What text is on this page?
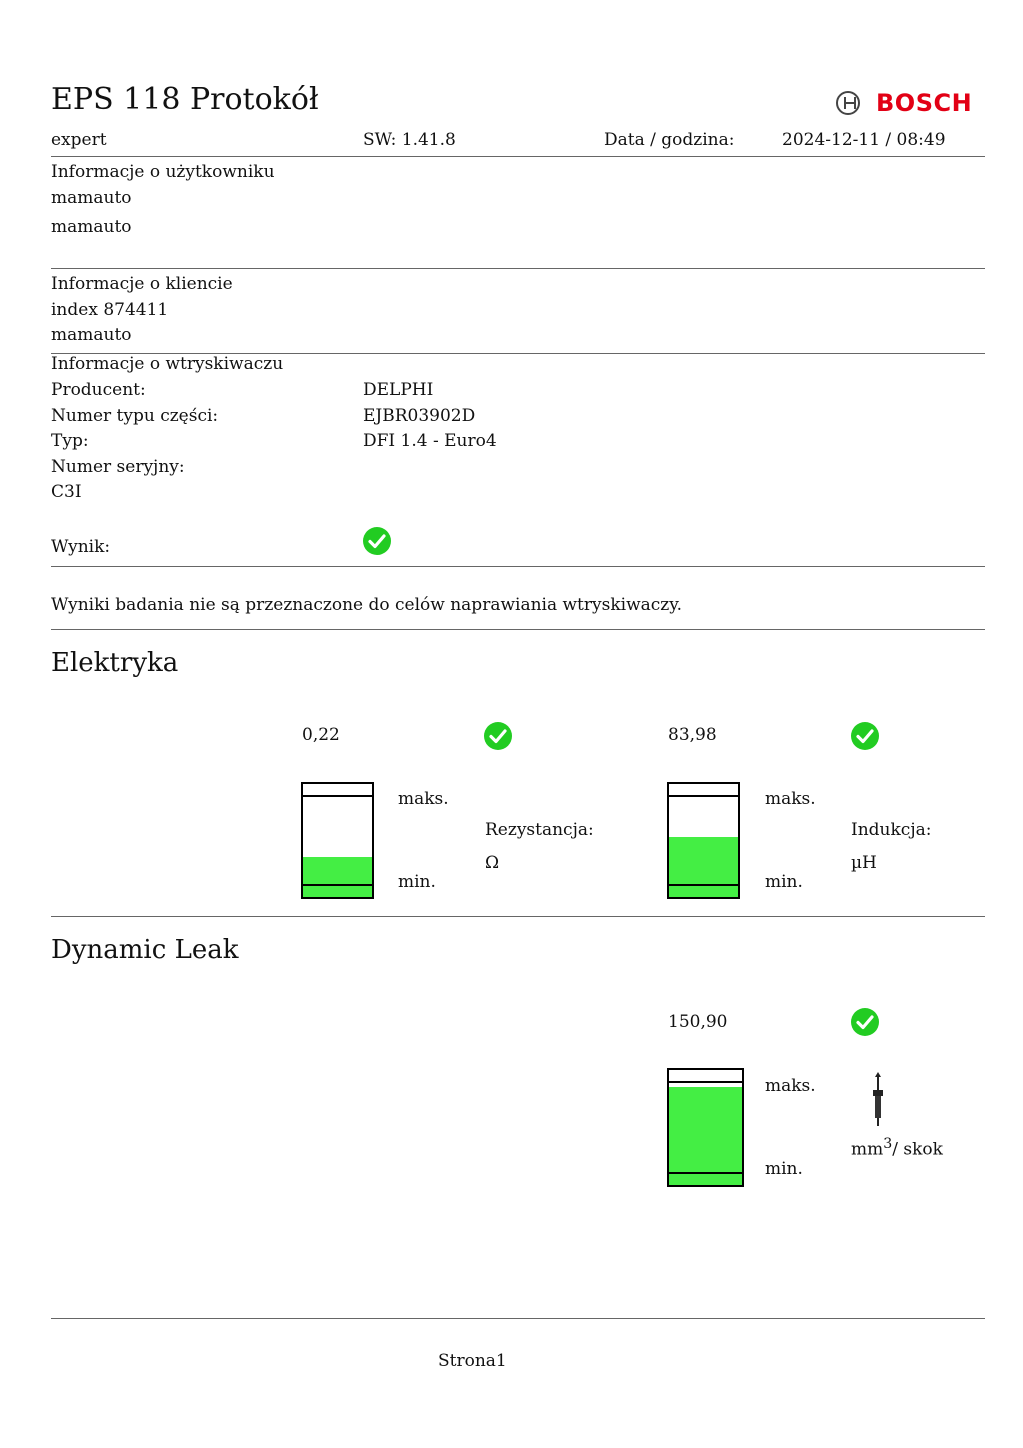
EPS 118 Protokół	BOSCH
expert	SW: 1.41.8	Data / godzina:	2024-12-11 / 08:49
Informacje o użytkowniku
mamauto
mamauto
Informacje o kliencie
index 874411
mamauto
Informacje o wtryskiwaczu
Producent:	DELPHI
Numer typu części:	EJBR03902D
Typ:	DFI 1.4 - Euro4
Numer seryjny:
C3I
Wynik:
Wyniki badania nie są przeznaczone do celów naprawiania wtryskiwaczy.
Elektryka
0,22
maks.
min.
Rezystancja:
Ω
83,98
maks.
min.
Indukcja:
µH
Dynamic Leak
150,90
maks.
min.
$mm^3/$ skok
Strona1
